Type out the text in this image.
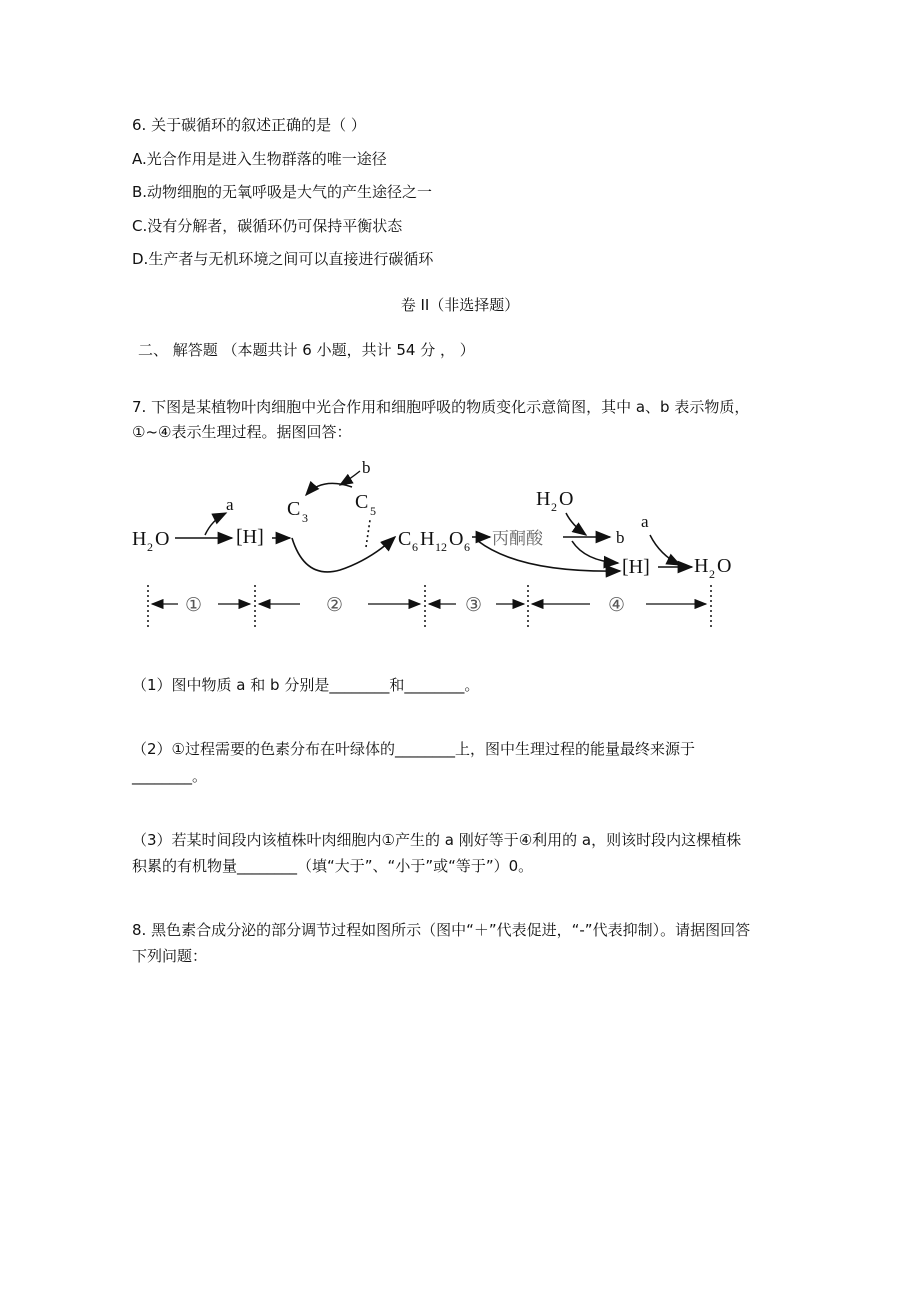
6. 关于碳循环的叙述正确的是（ ）
A.光合作用是进入生物群落的唯一途径
B.动物细胞的无氧呼吸是大气的产生途径之一
C.没有分解者，碳循环仍可保持平衡状态
D.生产者与无机环境之间可以直接进行碳循环
卷 II（非选择题）
二、 解答题 （本题共计 6 小题，共计 54 分 ， ）
7. 下图是某植物叶肉细胞中光合作用和细胞呼吸的物质变化示意简图，其中 a、b 表示物质，
①~④表示生理过程。据图回答：
H 2 O
a
[H]
C 3
C 5
b
C 6 H 12 O 6 丙酮酸
H 2 O
b
a
[H] H 2 O
①	②	③	④
（1）图中物质 a 和 b 分别是________和________。
（2）①过程需要的色素分布在叶绿体的________上，图中生理过程的能量最终来源于
________。
（3）若某时间段内该植株叶肉细胞内①产生的 a 刚好等于④利用的 a，则该时段内这棵植株
积累的有机物量________（填“大于”、“小于”或“等于”）0。
8. 黑色素合成分泌的部分调节过程如图所示（图中“＋”代表促进，“-”代表抑制）。请据图回答
下列问题：
